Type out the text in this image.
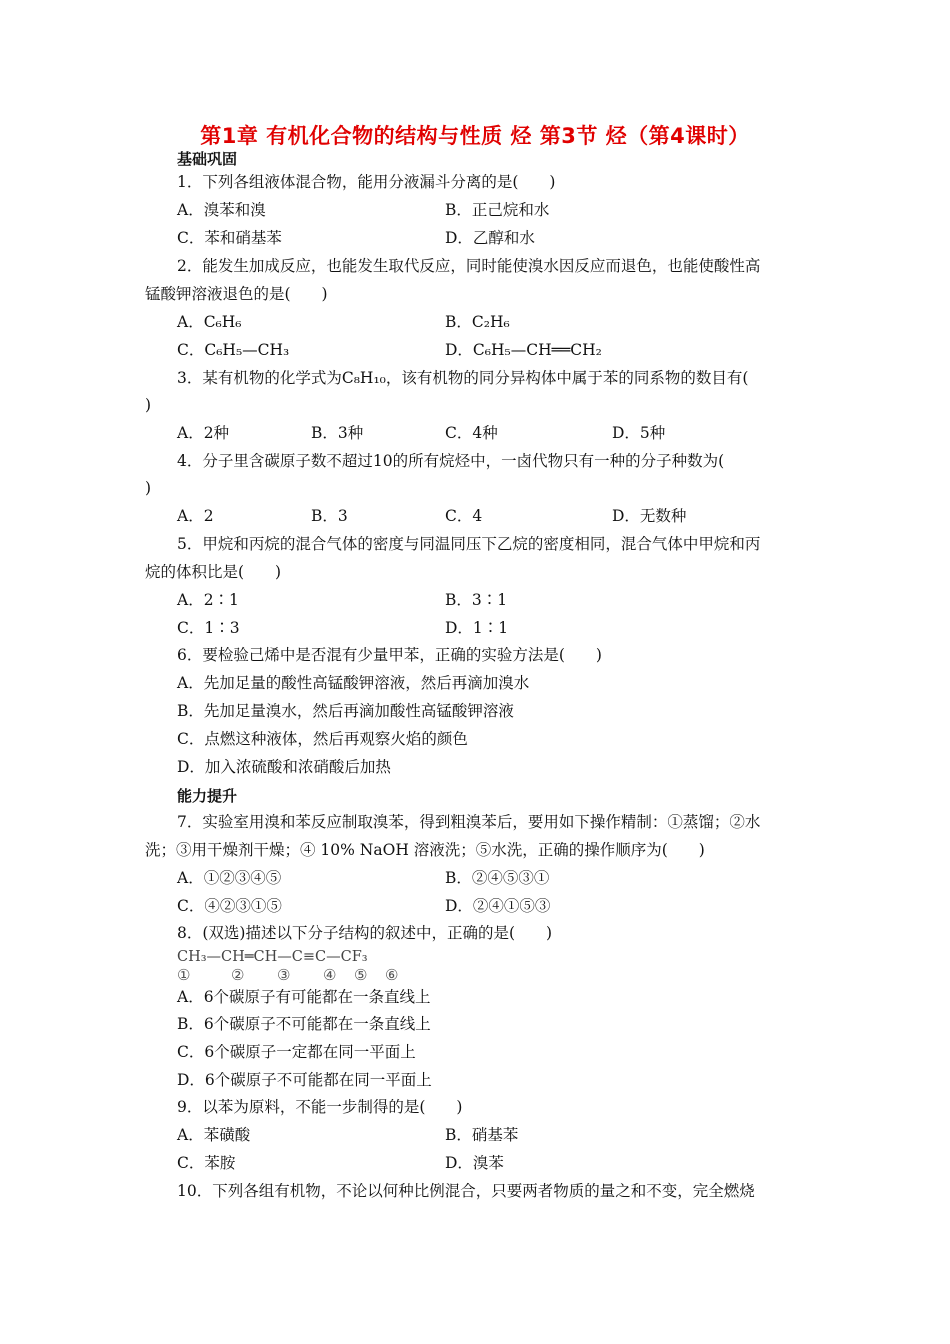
第1章 有机化合物的结构与性质 烃 第3节 烃（第4课时）
基础巩固
1．下列各组液体混合物，能用分液漏斗分离的是(　　)
A．溴苯和溴	B．正己烷和水
C．苯和硝基苯	D．乙醇和水
2．能发生加成反应，也能发生取代反应，同时能使溴水因反应而退色，也能使酸性高
锰酸钾溶液退色的是(　　)
A．C₆H₆	B．C₂H₆
C．C₆H₅—CH₃	D．C₆H₅—CH══CH₂
3．某有机物的化学式为C₈H₁₀，该有机物的同分异构体中属于苯的同系物的数目有(
)
A．2种	B．3种	C．4种	D．5种
4．分子里含碳原子数不超过10的所有烷烃中，一卤代物只有一种的分子种数为(
)
A．2	B．3	C．4	D．无数种
5．甲烷和丙烷的混合气体的密度与同温同压下乙烷的密度相同，混合气体中甲烷和丙
烷的体积比是(　　)
A．2∶1	B．3∶1
C．1∶3	D．1∶1
6．要检验己烯中是否混有少量甲苯，正确的实验方法是(　　)
A．先加足量的酸性高锰酸钾溶液，然后再滴加溴水
B．先加足量溴水，然后再滴加酸性高锰酸钾溶液
C．点燃这种液体，然后再观察火焰的颜色
D．加入浓硫酸和浓硝酸后加热
能力提升
7．实验室用溴和苯反应制取溴苯，得到粗溴苯后，要用如下操作精制：①蒸馏；②水
洗；③用干燥剂干燥；④ 10% NaOH 溶液洗；⑤水洗，正确的操作顺序为(　　)
A．①②③④⑤	B．②④⑤③①
C．④②③①⑤	D．②④①⑤③
8．(双选)描述以下分子结构的叙述中，正确的是(　　)
CH₃—CH═CH—C≡C—CF₃
①	② ③ ④ ⑤ ⑥
A．6个碳原子有可能都在一条直线上
B．6个碳原子不可能都在一条直线上
C．6个碳原子一定都在同一平面上
D．6个碳原子不可能都在同一平面上
9．以苯为原料，不能一步制得的是(　　)
A．苯磺酸	B．硝基苯
C．苯胺	D．溴苯
10．下列各组有机物，不论以何种比例混合，只要两者物质的量之和不变，完全燃烧
